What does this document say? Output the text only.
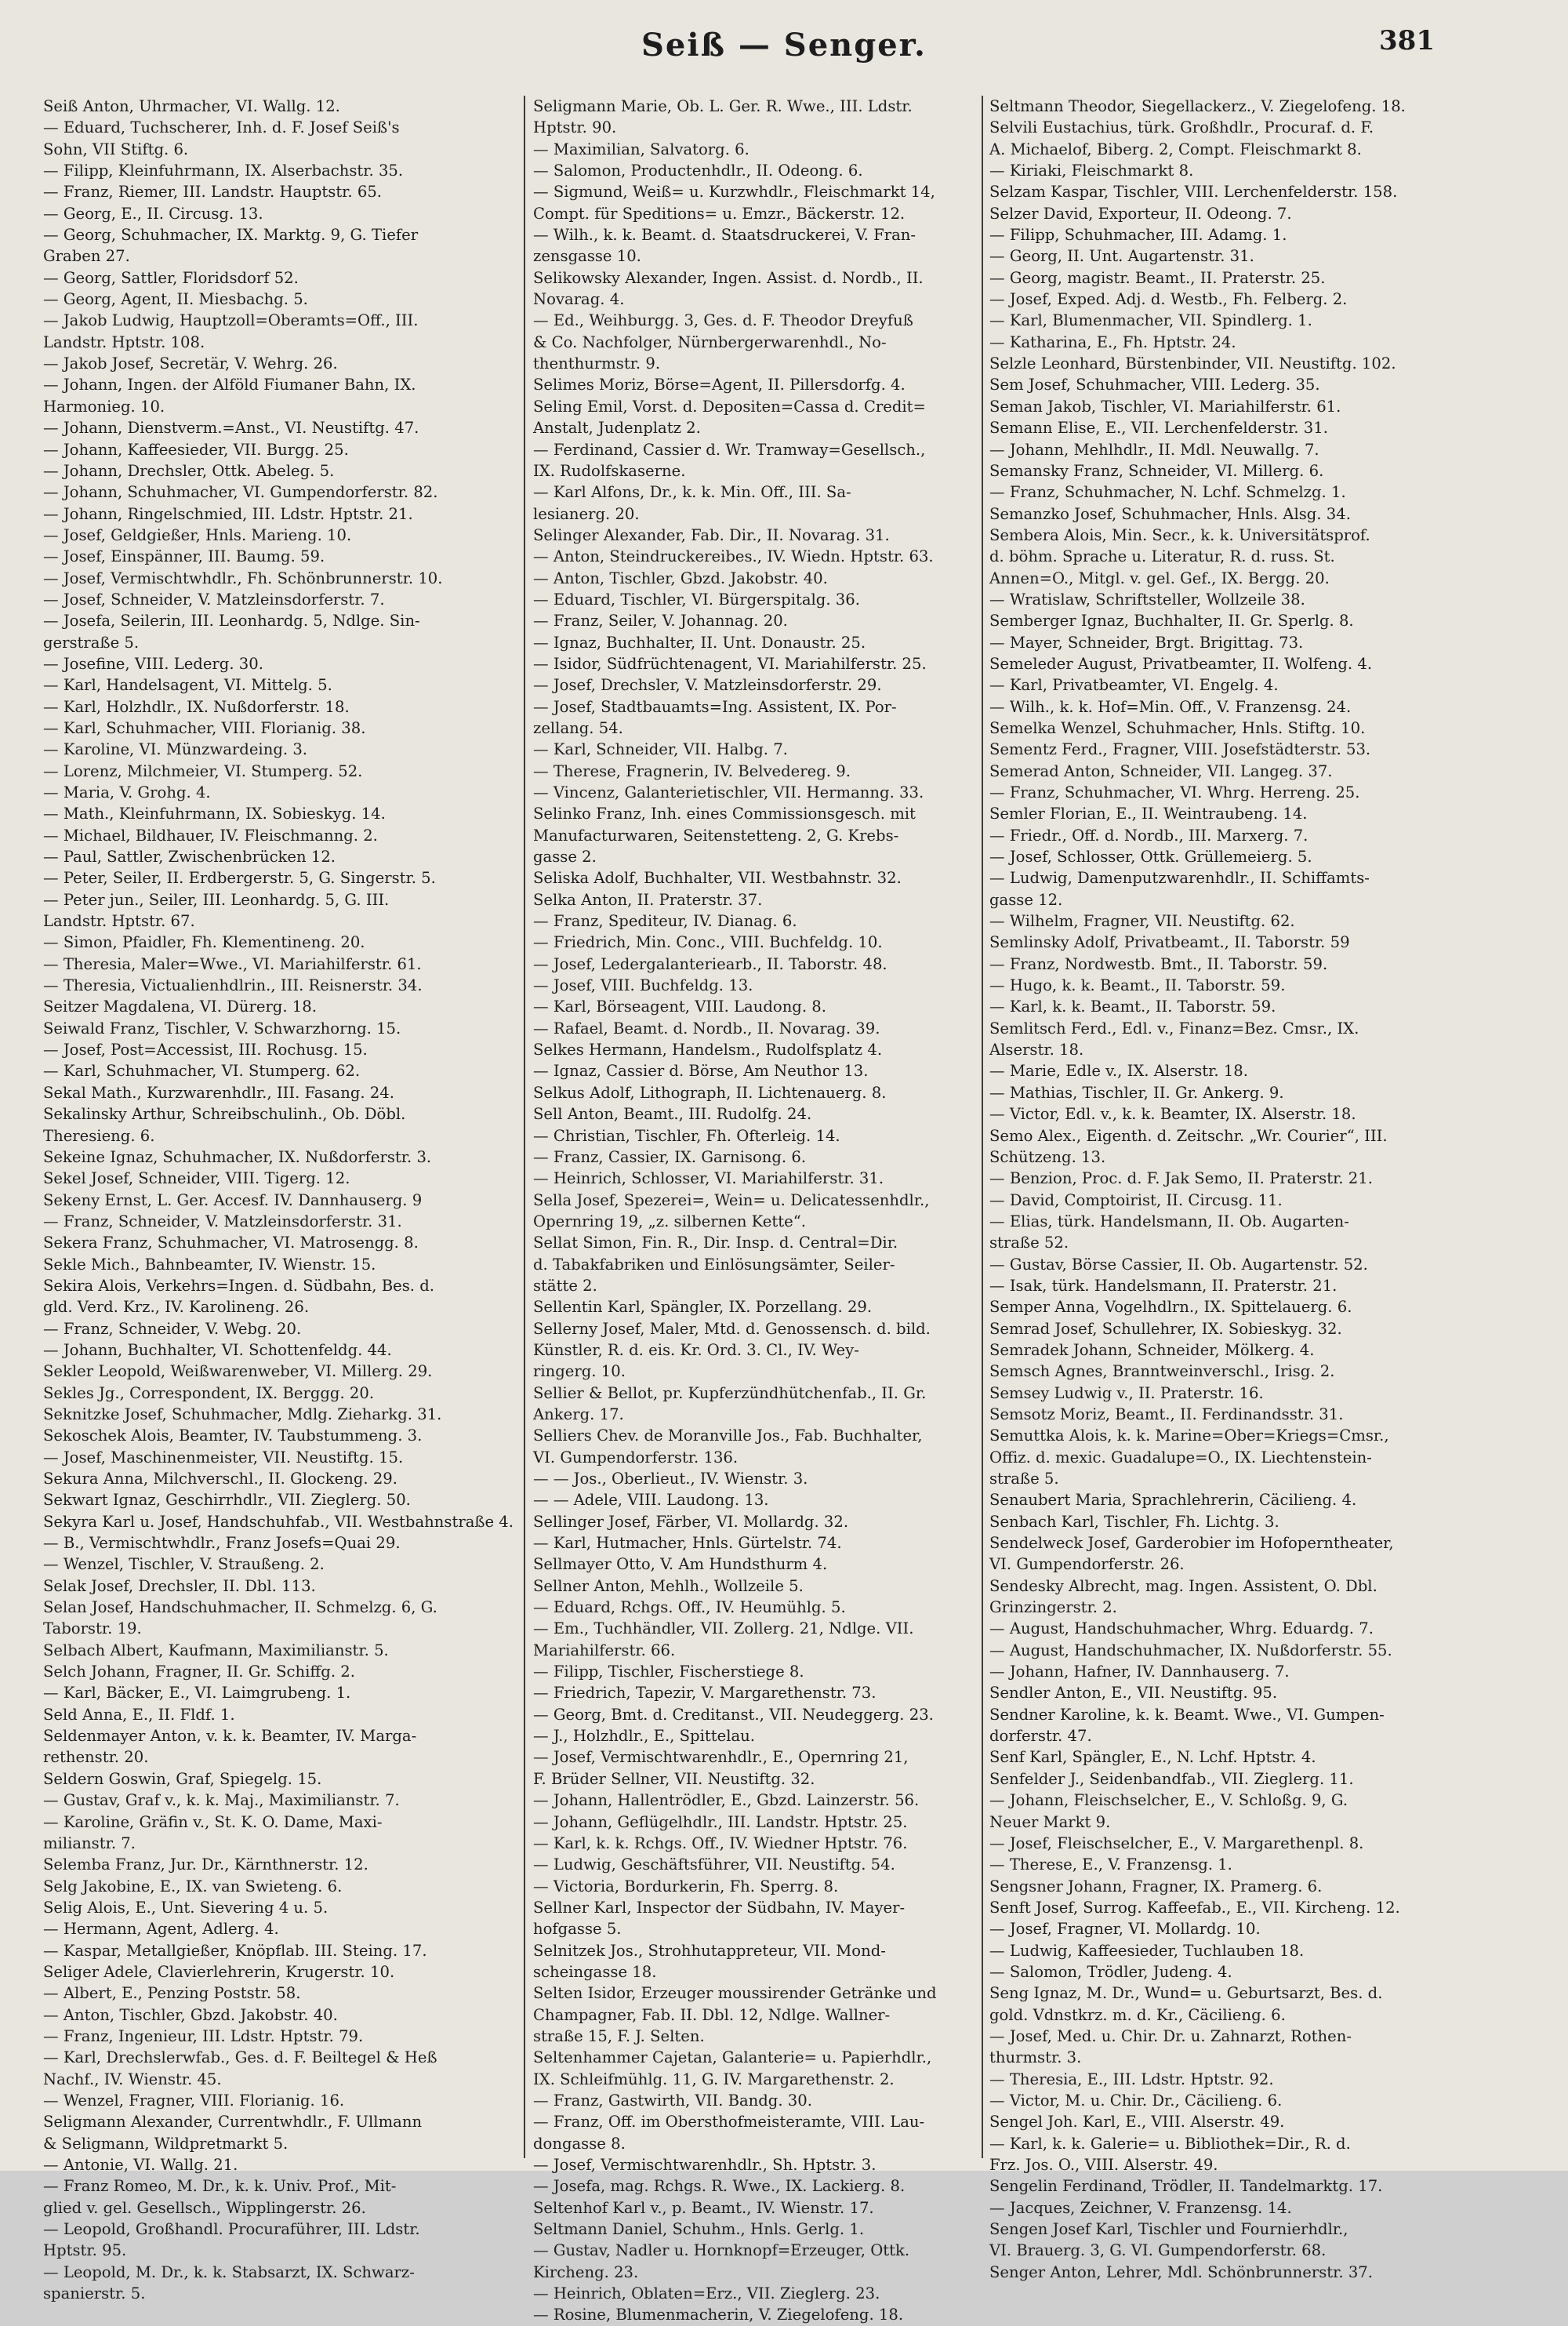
Seiß — Senger.	381
Seiß Anton, Uhrmacher, VI. Wallg. 12.
— Eduard, Tuchscherer, Inh. d. F. Josef Seiß's
Sohn, VII Stiftg. 6.
— Filipp, Kleinfuhrmann, IX. Alserbachstr. 35.
— Franz, Riemer, III. Landstr. Hauptstr. 65.
— Georg, E., II. Circusg. 13.
— Georg, Schuhmacher, IX. Marktg. 9, G. Tiefer
Graben 27.
— Georg, Sattler, Floridsdorf 52.
— Georg, Agent, II. Miesbachg. 5.
— Jakob Ludwig, Hauptzoll=Oberamts=Off., III.
Landstr. Hptstr. 108.
— Jakob Josef, Secretär, V. Wehrg. 26.
— Johann, Ingen. der Alföld Fiumaner Bahn, IX.
Harmonieg. 10.
— Johann, Dienstverm.=Anst., VI. Neustiftg. 47.
— Johann, Kaffeesieder, VII. Burgg. 25.
— Johann, Drechsler, Ottk. Abeleg. 5.
— Johann, Schuhmacher, VI. Gumpendorferstr. 82.
— Johann, Ringelschmied, III. Ldstr. Hptstr. 21.
— Josef, Geldgießer, Hnls. Marieng. 10.
— Josef, Einspänner, III. Baumg. 59.
— Josef, Vermischtwhdlr., Fh. Schönbrunnerstr. 10.
— Josef, Schneider, V. Matzleinsdorferstr. 7.
— Josefa, Seilerin, III. Leonhardg. 5, Ndlge. Sin-
gerstraße 5.
— Josefine, VIII. Lederg. 30.
— Karl, Handelsagent, VI. Mittelg. 5.
— Karl, Holzhdlr., IX. Nußdorferstr. 18.
— Karl, Schuhmacher, VIII. Florianig. 38.
— Karoline, VI. Münzwardeing. 3.
— Lorenz, Milchmeier, VI. Stumperg. 52.
— Maria, V. Grohg. 4.
— Math., Kleinfuhrmann, IX. Sobieskyg. 14.
— Michael, Bildhauer, IV. Fleischmanng. 2.
— Paul, Sattler, Zwischenbrücken 12.
— Peter, Seiler, II. Erdbergerstr. 5, G. Singerstr. 5.
— Peter jun., Seiler, III. Leonhardg. 5, G. III.
Landstr. Hptstr. 67.
— Simon, Pfaidler, Fh. Klementineng. 20.
— Theresia, Maler=Wwe., VI. Mariahilferstr. 61.
— Theresia, Victualienhdlrin., III. Reisnerstr. 34.
Seitzer Magdalena, VI. Dürerg. 18.
Seiwald Franz, Tischler, V. Schwarzhorng. 15.
— Josef, Post=Accessist, III. Rochusg. 15.
— Karl, Schuhmacher, VI. Stumperg. 62.
Sekal Math., Kurzwarenhdlr., III. Fasang. 24.
Sekalinsky Arthur, Schreibschulinh., Ob. Döbl.
Theresieng. 6.
Sekeine Ignaz, Schuhmacher, IX. Nußdorferstr. 3.
Sekel Josef, Schneider, VIII. Tigerg. 12.
Sekeny Ernst, L. Ger. Accesf. IV. Dannhauserg. 9
— Franz, Schneider, V. Matzleinsdorferstr. 31.
Sekera Franz, Schuhmacher, VI. Matrosengg. 8.
Sekle Mich., Bahnbeamter, IV. Wienstr. 15.
Sekira Alois, Verkehrs=Ingen. d. Südbahn, Bes. d.
gld. Verd. Krz., IV. Karolineng. 26.
— Franz, Schneider, V. Webg. 20.
— Johann, Buchhalter, VI. Schottenfeldg. 44.
Sekler Leopold, Weißwarenweber, VI. Millerg. 29.
Sekles Jg., Correspondent, IX. Berggg. 20.
Seknitzke Josef, Schuhmacher, Mdlg. Zieharkg. 31.
Sekoschek Alois, Beamter, IV. Taubstummeng. 3.
— Josef, Maschinenmeister, VII. Neustiftg. 15.
Sekura Anna, Milchverschl., II. Glockeng. 29.
Sekwart Ignaz, Geschirrhdlr., VII. Zieglerg. 50.
Sekyra Karl u. Josef, Handschuhfab., VII. Westbahnstraße 4.
— B., Vermischtwhdlr., Franz Josefs=Quai 29.
— Wenzel, Tischler, V. Straußeng. 2.
Selak Josef, Drechsler, II. Dbl. 113.
Selan Josef, Handschuhmacher, II. Schmelzg. 6, G.
Taborstr. 19.
Selbach Albert, Kaufmann, Maximilianstr. 5.
Selch Johann, Fragner, II. Gr. Schiffg. 2.
— Karl, Bäcker, E., VI. Laimgrubeng. 1.
Seld Anna, E., II. Fldf. 1.
Seldenmayer Anton, v. k. k. Beamter, IV. Marga-
rethenstr. 20.
Seldern Goswin, Graf, Spiegelg. 15.
— Gustav, Graf v., k. k. Maj., Maximilianstr. 7.
— Karoline, Gräfin v., St. K. O. Dame, Maxi-
milianstr. 7.
Selemba Franz, Jur. Dr., Kärnthnerstr. 12.
Selg Jakobine, E., IX. van Swieteng. 6.
Selig Alois, E., Unt. Sievering 4 u. 5.
— Hermann, Agent, Adlerg. 4.
— Kaspar, Metallgießer, Knöpflab. III. Steing. 17.
Seliger Adele, Clavierlehrerin, Krugerstr. 10.
— Albert, E., Penzing Poststr. 58.
— Anton, Tischler, Gbzd. Jakobstr. 40.
— Franz, Ingenieur, III. Ldstr. Hptstr. 79.
— Karl, Drechslerwfab., Ges. d. F. Beiltegel & Heß
Nachf., IV. Wienstr. 45.
— Wenzel, Fragner, VIII. Florianig. 16.
Seligmann Alexander, Currentwhdlr., F. Ullmann
& Seligmann, Wildpretmarkt 5.
— Antonie, VI. Wallg. 21.
— Franz Romeo, M. Dr., k. k. Univ. Prof., Mit-
glied v. gel. Gesellsch., Wipplingerstr. 26.
— Leopold, Großhandl. Procuraführer, III. Ldstr.
Hptstr. 95.
— Leopold, M. Dr., k. k. Stabsarzt, IX. Schwarz-
spanierstr. 5.
Seligmann Marie, Ob. L. Ger. R. Wwe., III. Ldstr.
Hptstr. 90.
— Maximilian, Salvatorg. 6.
— Salomon, Productenhdlr., II. Odeong. 6.
— Sigmund, Weiß= u. Kurzwhdlr., Fleischmarkt 14,
Compt. für Speditions= u. Emzr., Bäckerstr. 12.
— Wilh., k. k. Beamt. d. Staatsdruckerei, V. Fran-
zensgasse 10.
Selikowsky Alexander, Ingen. Assist. d. Nordb., II.
Novarag. 4.
— Ed., Weihburgg. 3, Ges. d. F. Theodor Dreyfuß
& Co. Nachfolger, Nürnbergerwarenhdl., No-
thenthurmstr. 9.
Selimes Moriz, Börse=Agent, II. Pillersdorfg. 4.
Seling Emil, Vorst. d. Depositen=Cassa d. Credit=
Anstalt, Judenplatz 2.
— Ferdinand, Cassier d. Wr. Tramway=Gesellsch.,
IX. Rudolfskaserne.
— Karl Alfons, Dr., k. k. Min. Off., III. Sa-
lesianerg. 20.
Selinger Alexander, Fab. Dir., II. Novarag. 31.
— Anton, Steindruckereibes., IV. Wiedn. Hptstr. 63.
— Anton, Tischler, Gbzd. Jakobstr. 40.
— Eduard, Tischler, VI. Bürgerspitalg. 36.
— Franz, Seiler, V. Johannag. 20.
— Ignaz, Buchhalter, II. Unt. Donaustr. 25.
— Isidor, Südfrüchtenagent, VI. Mariahilferstr. 25.
— Josef, Drechsler, V. Matzleinsdorferstr. 29.
— Josef, Stadtbauamts=Ing. Assistent, IX. Por-
zellang. 54.
— Karl, Schneider, VII. Halbg. 7.
— Therese, Fragnerin, IV. Belvedereg. 9.
— Vincenz, Galanterietischler, VII. Hermanng. 33.
Selinko Franz, Inh. eines Commissionsgesch. mit
Manufacturwaren, Seitenstetteng. 2, G. Krebs-
gasse 2.
Seliska Adolf, Buchhalter, VII. Westbahnstr. 32.
Selka Anton, II. Praterstr. 37.
— Franz, Spediteur, IV. Dianag. 6.
— Friedrich, Min. Conc., VIII. Buchfeldg. 10.
— Josef, Ledergalanteriearb., II. Taborstr. 48.
— Josef, VIII. Buchfeldg. 13.
— Karl, Börseagent, VIII. Laudong. 8.
— Rafael, Beamt. d. Nordb., II. Novarag. 39.
Selkes Hermann, Handelsm., Rudolfsplatz 4.
— Ignaz, Cassier d. Börse, Am Neuthor 13.
Selkus Adolf, Lithograph, II. Lichtenauerg. 8.
Sell Anton, Beamt., III. Rudolfg. 24.
— Christian, Tischler, Fh. Ofterleig. 14.
— Franz, Cassier, IX. Garnisong. 6.
— Heinrich, Schlosser, VI. Mariahilferstr. 31.
Sella Josef, Spezerei=, Wein= u. Delicatessenhdlr.,
Opernring 19, „z. silbernen Kette“.
Sellat Simon, Fin. R., Dir. Insp. d. Central=Dir.
d. Tabakfabriken und Einlösungsämter, Seiler-
stätte 2.
Sellentin Karl, Spängler, IX. Porzellang. 29.
Sellerny Josef, Maler, Mtd. d. Genossensch. d. bild.
Künstler, R. d. eis. Kr. Ord. 3. Cl., IV. Wey-
ringerg. 10.
Sellier & Bellot, pr. Kupferzündhütchenfab., II. Gr.
Ankerg. 17.
Selliers Chev. de Moranville Jos., Fab. Buchhalter,
VI. Gumpendorferstr. 136.
— — Jos., Oberlieut., IV. Wienstr. 3.
— — Adele, VIII. Laudong. 13.
Sellinger Josef, Färber, VI. Mollardg. 32.
— Karl, Hutmacher, Hnls. Gürtelstr. 74.
Sellmayer Otto, V. Am Hundsthurm 4.
Sellner Anton, Mehlh., Wollzeile 5.
— Eduard, Rchgs. Off., IV. Heumühlg. 5.
— Em., Tuchhändler, VII. Zollerg. 21, Ndlge. VII.
Mariahilferstr. 66.
— Filipp, Tischler, Fischerstiege 8.
— Friedrich, Tapezir, V. Margarethenstr. 73.
— Georg, Bmt. d. Creditanst., VII. Neudeggerg. 23.
— J., Holzhdlr., E., Spittelau.
— Josef, Vermischtwarenhdlr., E., Opernring 21,
F. Brüder Sellner, VII. Neustiftg. 32.
— Johann, Hallentrödler, E., Gbzd. Lainzerstr. 56.
— Johann, Geflügelhdlr., III. Landstr. Hptstr. 25.
— Karl, k. k. Rchgs. Off., IV. Wiedner Hptstr. 76.
— Ludwig, Geschäftsführer, VII. Neustiftg. 54.
— Victoria, Bordurkerin, Fh. Sperrg. 8.
Sellner Karl, Inspector der Südbahn, IV. Mayer-
hofgasse 5.
Selnitzek Jos., Strohhutappreteur, VII. Mond-
scheingasse 18.
Selten Isidor, Erzeuger moussirender Getränke und
Champagner, Fab. II. Dbl. 12, Ndlge. Wallner-
straße 15, F. J. Selten.
Seltenhammer Cajetan, Galanterie= u. Papierhdlr.,
IX. Schleifmühlg. 11, G. IV. Margarethenstr. 2.
— Franz, Gastwirth, VII. Bandg. 30.
— Franz, Off. im Obersthofmeisteramte, VIII. Lau-
dongasse 8.
— Josef, Vermischtwarenhdlr., Sh. Hptstr. 3.
— Josefa, mag. Rchgs. R. Wwe., IX. Lackierg. 8.
Seltenhof Karl v., p. Beamt., IV. Wienstr. 17.
Seltmann Daniel, Schuhm., Hnls. Gerlg. 1.
— Gustav, Nadler u. Hornknopf=Erzeuger, Ottk.
Kircheng. 23.
— Heinrich, Oblaten=Erz., VII. Zieglerg. 23.
— Rosine, Blumenmacherin, V. Ziegelofeng. 18.
Seltmann Theodor, Siegellackerz., V. Ziegelofeng. 18.
Selvili Eustachius, türk. Großhdlr., Procuraf. d. F.
A. Michaelof, Biberg. 2, Compt. Fleischmarkt 8.
— Kiriaki, Fleischmarkt 8.
Selzam Kaspar, Tischler, VIII. Lerchenfelderstr. 158.
Selzer David, Exporteur, II. Odeong. 7.
— Filipp, Schuhmacher, III. Adamg. 1.
— Georg, II. Unt. Augartenstr. 31.
— Georg, magistr. Beamt., II. Praterstr. 25.
— Josef, Exped. Adj. d. Westb., Fh. Felberg. 2.
— Karl, Blumenmacher, VII. Spindlerg. 1.
— Katharina, E., Fh. Hptstr. 24.
Selzle Leonhard, Bürstenbinder, VII. Neustiftg. 102.
Sem Josef, Schuhmacher, VIII. Lederg. 35.
Seman Jakob, Tischler, VI. Mariahilferstr. 61.
Semann Elise, E., VII. Lerchenfelderstr. 31.
— Johann, Mehlhdlr., II. Mdl. Neuwallg. 7.
Semansky Franz, Schneider, VI. Millerg. 6.
— Franz, Schuhmacher, N. Lchf. Schmelzg. 1.
Semanzko Josef, Schuhmacher, Hnls. Alsg. 34.
Sembera Alois, Min. Secr., k. k. Universitätsprof.
d. böhm. Sprache u. Literatur, R. d. russ. St.
Annen=O., Mitgl. v. gel. Gef., IX. Bergg. 20.
— Wratislaw, Schriftsteller, Wollzeile 38.
Semberger Ignaz, Buchhalter, II. Gr. Sperlg. 8.
— Mayer, Schneider, Brgt. Brigittag. 73.
Semeleder August, Privatbeamter, II. Wolfeng. 4.
— Karl, Privatbeamter, VI. Engelg. 4.
— Wilh., k. k. Hof=Min. Off., V. Franzensg. 24.
Semelka Wenzel, Schuhmacher, Hnls. Stiftg. 10.
Sementz Ferd., Fragner, VIII. Josefstädterstr. 53.
Semerad Anton, Schneider, VII. Langeg. 37.
— Franz, Schuhmacher, VI. Whrg. Herreng. 25.
Semler Florian, E., II. Weintraubeng. 14.
— Friedr., Off. d. Nordb., III. Marxerg. 7.
— Josef, Schlosser, Ottk. Grüllemeierg. 5.
— Ludwig, Damenputzwarenhdlr., II. Schiffamts-
gasse 12.
— Wilhelm, Fragner, VII. Neustiftg. 62.
Semlinsky Adolf, Privatbeamt., II. Taborstr. 59
— Franz, Nordwestb. Bmt., II. Taborstr. 59.
— Hugo, k. k. Beamt., II. Taborstr. 59.
— Karl, k. k. Beamt., II. Taborstr. 59.
Semlitsch Ferd., Edl. v., Finanz=Bez. Cmsr., IX.
Alserstr. 18.
— Marie, Edle v., IX. Alserstr. 18.
— Mathias, Tischler, II. Gr. Ankerg. 9.
— Victor, Edl. v., k. k. Beamter, IX. Alserstr. 18.
Semo Alex., Eigenth. d. Zeitschr. „Wr. Courier“, III.
Schützeng. 13.
— Benzion, Proc. d. F. Jak Semo, II. Praterstr. 21.
— David, Comptoirist, II. Circusg. 11.
— Elias, türk. Handelsmann, II. Ob. Augarten-
straße 52.
— Gustav, Börse Cassier, II. Ob. Augartenstr. 52.
— Isak, türk. Handelsmann, II. Praterstr. 21.
Semper Anna, Vogelhdlrn., IX. Spittelauerg. 6.
Semrad Josef, Schullehrer, IX. Sobieskyg. 32.
Semradek Johann, Schneider, Mölkerg. 4.
Semsch Agnes, Branntweinverschl., Irisg. 2.
Semsey Ludwig v., II. Praterstr. 16.
Semsotz Moriz, Beamt., II. Ferdinandsstr. 31.
Semuttka Alois, k. k. Marine=Ober=Kriegs=Cmsr.,
Offiz. d. mexic. Guadalupe=O., IX. Liechtenstein-
straße 5.
Senaubert Maria, Sprachlehrerin, Cäcilieng. 4.
Senbach Karl, Tischler, Fh. Lichtg. 3.
Sendelweck Josef, Garderobier im Hofoperntheater,
VI. Gumpendorferstr. 26.
Sendesky Albrecht, mag. Ingen. Assistent, O. Dbl.
Grinzingerstr. 2.
— August, Handschuhmacher, Whrg. Eduardg. 7.
— August, Handschuhmacher, IX. Nußdorferstr. 55.
— Johann, Hafner, IV. Dannhauserg. 7.
Sendler Anton, E., VII. Neustiftg. 95.
Sendner Karoline, k. k. Beamt. Wwe., VI. Gumpen-
dorferstr. 47.
Senf Karl, Spängler, E., N. Lchf. Hptstr. 4.
Senfelder J., Seidenbandfab., VII. Zieglerg. 11.
— Johann, Fleischselcher, E., V. Schloßg. 9, G.
Neuer Markt 9.
— Josef, Fleischselcher, E., V. Margarethenpl. 8.
— Therese, E., V. Franzensg. 1.
Sengsner Johann, Fragner, IX. Pramerg. 6.
Senft Josef, Surrog. Kaffeefab., E., VII. Kircheng. 12.
— Josef, Fragner, VI. Mollardg. 10.
— Ludwig, Kaffeesieder, Tuchlauben 18.
— Salomon, Trödler, Judeng. 4.
Seng Ignaz, M. Dr., Wund= u. Geburtsarzt, Bes. d.
gold. Vdnstkrz. m. d. Kr., Cäcilieng. 6.
— Josef, Med. u. Chir. Dr. u. Zahnarzt, Rothen-
thurmstr. 3.
— Theresia, E., III. Ldstr. Hptstr. 92.
— Victor, M. u. Chir. Dr., Cäcilieng. 6.
Sengel Joh. Karl, E., VIII. Alserstr. 49.
— Karl, k. k. Galerie= u. Bibliothek=Dir., R. d.
Frz. Jos. O., VIII. Alserstr. 49.
Sengelin Ferdinand, Trödler, II. Tandelmarktg. 17.
— Jacques, Zeichner, V. Franzensg. 14.
Sengen Josef Karl, Tischler und Fournierhdlr.,
VI. Brauerg. 3, G. VI. Gumpendorferstr. 68.
Senger Anton, Lehrer, Mdl. Schönbrunnerstr. 37.
